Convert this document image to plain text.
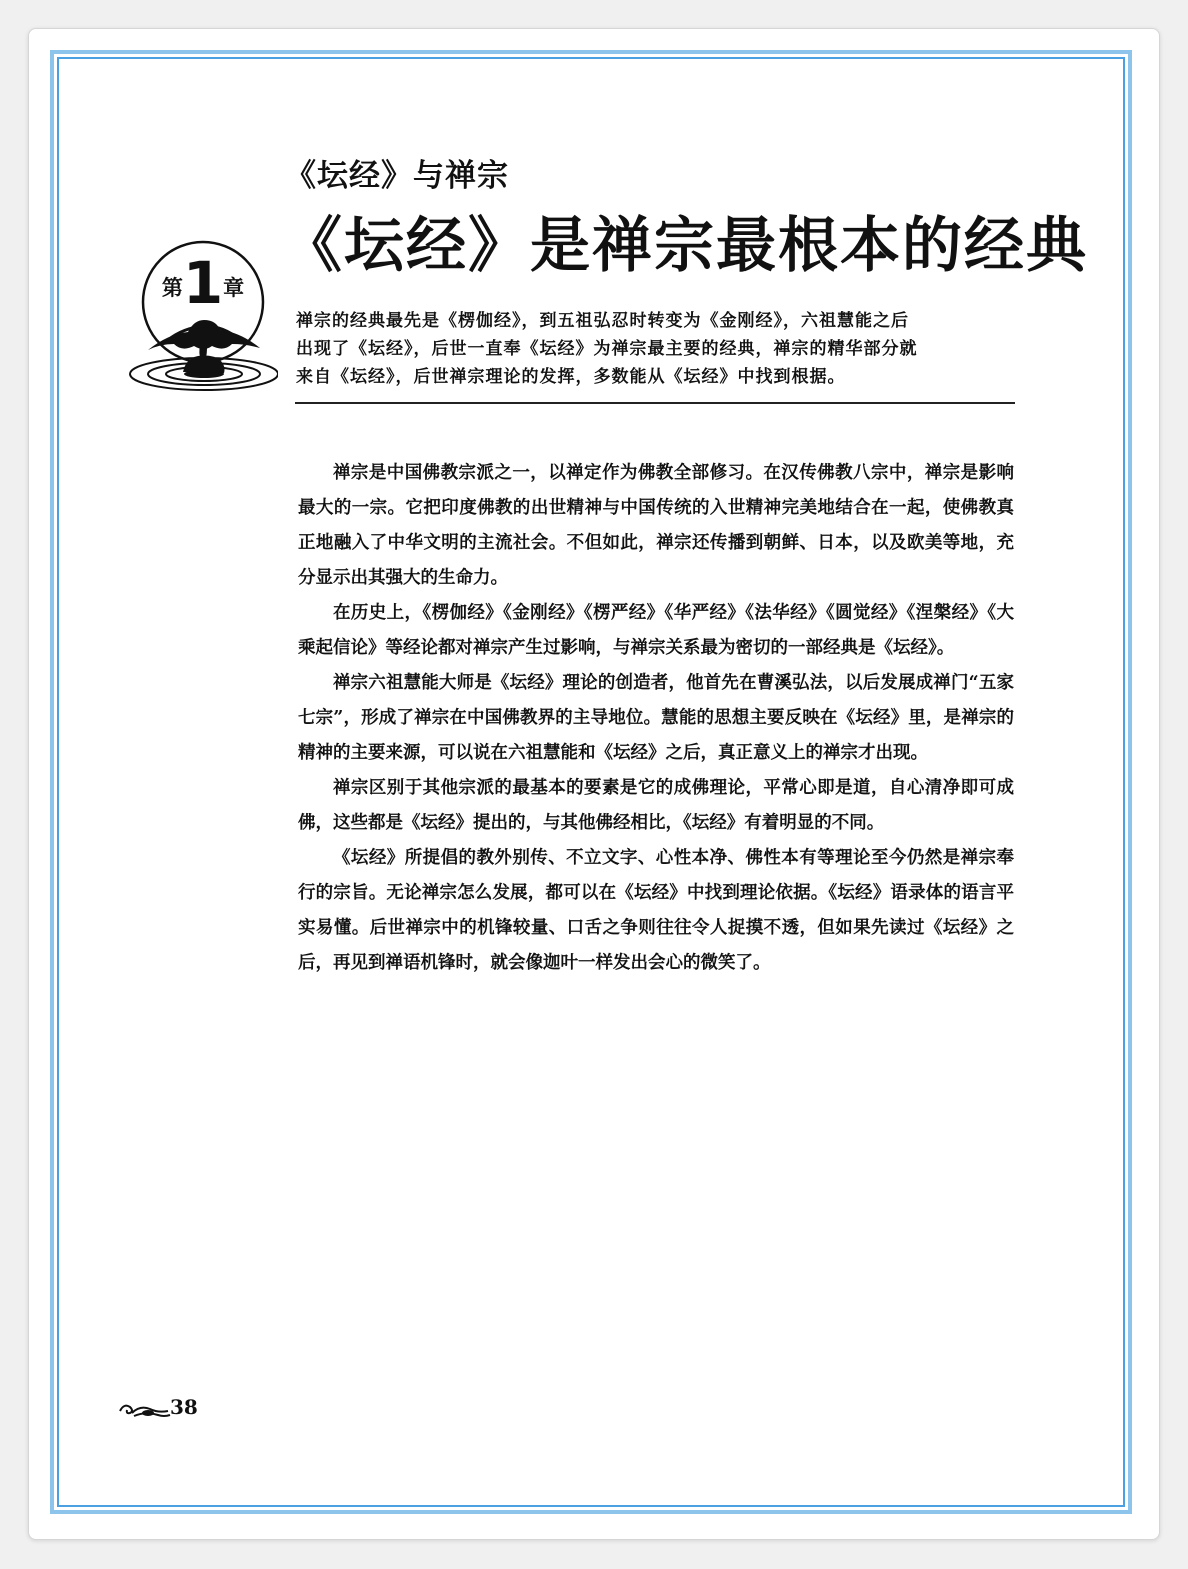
《坛经》与禅宗
《坛经》是禅宗最根本的经典
第1章

禅宗的经典最先是《楞伽经》，到五祖弘忍时转变为《金刚经》，六祖慧能之后

出现了《坛经》，后世一直奉《坛经》为禅宗最主要的经典，禅宗的精华部分就

来自《坛经》，后世禅宗理论的发挥，多数能从《坛经》中找到根据。

禅宗是中国佛教宗派之一，以禅定作为佛教全部修习。在汉传佛教八宗中，禅宗是影响最大的一宗。它把印度佛教的出世精神与中国传统的入世精神完美地结合在一起，使佛教真正地融入了中华文明的主流社会。不但如此，禅宗还传播到朝鲜、日本，以及欧美等地，充分显示出其强大的生命力。

在历史上，《楞伽经》《金刚经》《楞严经》《华严经》《法华经》《圆觉经》《涅槃经》《大乘起信论》等经论都对禅宗产生过影响，与禅宗关系最为密切的一部经典是《坛经》。

禅宗六祖慧能大师是《坛经》理论的创造者，他首先在曹溪弘法，以后发展成禅门“五家七宗”，形成了禅宗在中国佛教界的主导地位。慧能的思想主要反映在《坛经》里，是禅宗的精神的主要来源，可以说在六祖慧能和《坛经》之后，真正意义上的禅宗才出现。

禅宗区别于其他宗派的最基本的要素是它的成佛理论，平常心即是道，自心清净即可成佛，这些都是《坛经》提出的，与其他佛经相比，《坛经》有着明显的不同。

《坛经》所提倡的教外别传、不立文字、心性本净、佛性本有等理论至今仍然是禅宗奉行的宗旨。无论禅宗怎么发展，都可以在《坛经》中找到理论依据。《坛经》语录体的语言平实易懂。后世禅宗中的机锋较量、口舌之争则往往令人捉摸不透，但如果先读过《坛经》之后，再见到禅语机锋时，就会像迦叶一样发出会心的微笑了。

38
